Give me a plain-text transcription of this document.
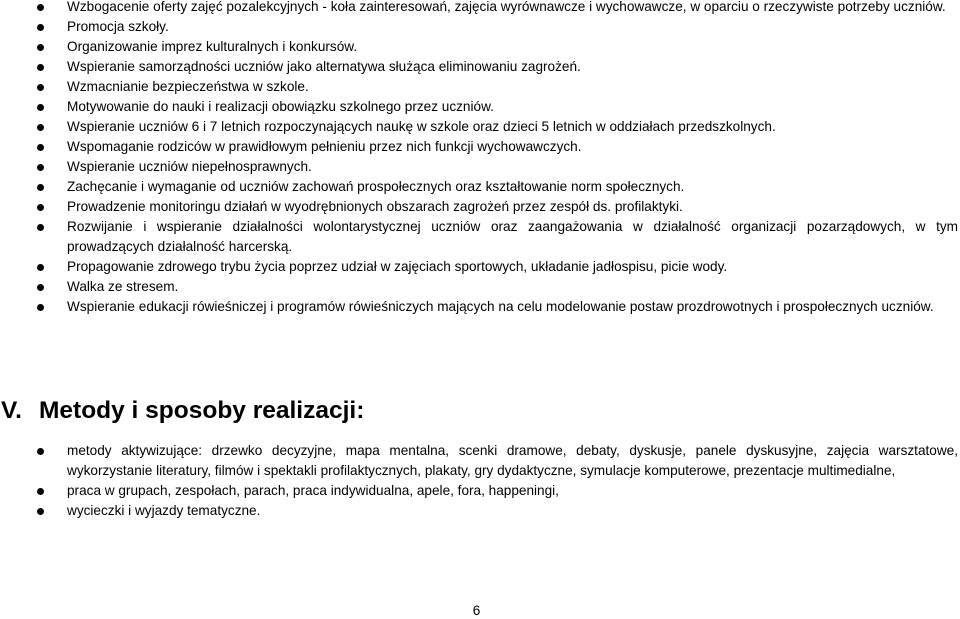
Wzbogacenie oferty zajęć pozalekcyjnych - koła zainteresowań, zajęcia wyrównawcze i wychowawcze, w oparciu o rzeczywiste potrzeby uczniów.
Promocja szkoły.
Organizowanie imprez kulturalnych i konkursów.
Wspieranie samorządności uczniów jako alternatywa służąca eliminowaniu zagrożeń.
Wzmacnianie bezpieczeństwa w szkole.
Motywowanie do nauki i realizacji obowiązku szkolnego przez uczniów.
Wspieranie uczniów 6 i 7 letnich rozpoczynających naukę w szkole oraz dzieci 5 letnich w oddziałach przedszkolnych.
Wspomaganie rodziców w prawidłowym pełnieniu przez nich funkcji wychowawczych.
Wspieranie uczniów niepełnosprawnych.
Zachęcanie i wymaganie od uczniów zachowań prospołecznych oraz kształtowanie norm społecznych.
Prowadzenie monitoringu działań w wyodrębnionych obszarach zagrożeń przez zespół ds. profilaktyki.
Rozwijanie i wspieranie działalności wolontarystycznej uczniów oraz zaangażowania w działalność organizacji pozarządowych, w tym prowadzących działalność harcerską.
Propagowanie zdrowego trybu życia poprzez udział w zajęciach sportowych, układanie jadłospisu, picie wody.
Walka ze stresem.
Wspieranie edukacji rówieśniczej i programów rówieśniczych mających na celu modelowanie postaw prozdrowotnych i prospołecznych uczniów.
V. Metody i sposoby realizacji:
metody aktywizujące: drzewko decyzyjne, mapa mentalna, scenki dramowe, debaty, dyskusje, panele dyskusyjne, zajęcia warsztatowe, wykorzystanie literatury, filmów i spektakli profilaktycznych, plakaty, gry dydaktyczne, symulacje komputerowe, prezentacje multimedialne,
praca w grupach, zespołach, parach, praca indywidualna, apele, fora, happeningi,
wycieczki i wyjazdy tematyczne.
6
